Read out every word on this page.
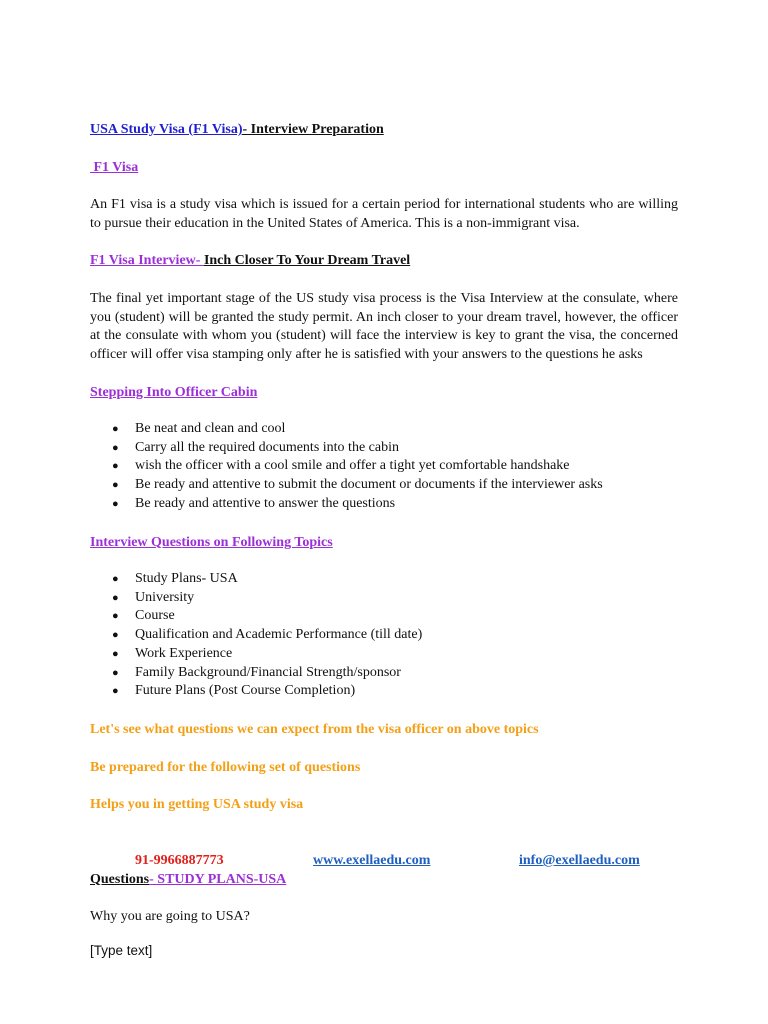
USA Study Visa (F1 Visa)- Interview Preparation
F1 Visa
An F1 visa is a study visa which is issued for a certain period for international students who are willing to pursue their education in the United States of America. This is a non-immigrant visa.
F1 Visa Interview- Inch Closer To Your Dream Travel
The final yet important stage of the US study visa process is the Visa Interview at the consulate, where you (student) will be granted the study permit. An inch closer to your dream travel, however, the officer at the consulate with whom you (student) will face the interview is key to grant the visa, the concerned officer will offer visa stamping only after he is satisfied with your answers to the questions he asks
Stepping Into Officer Cabin
● Be neat and clean and cool
● Carry all the required documents into the cabin
● wish the officer with a cool smile and offer a tight yet comfortable handshake
● Be ready and attentive to submit the document or documents if the interviewer asks
● Be ready and attentive to answer the questions
Interview Questions on Following Topics
● Study Plans- USA
● University
● Course
● Qualification and Academic Performance (till date)
● Work Experience
● Family Background/Financial Strength/sponsor
● Future Plans (Post Course Completion)
Let's see what questions we can expect from the visa officer on above topics
Be prepared for the following set of questions
Helps you in getting USA study visa
91-9966887773	www.exellaedu.com	info@exellaedu.com
Questions- STUDY PLANS-USA
Why you are going to USA?
[Type text]
